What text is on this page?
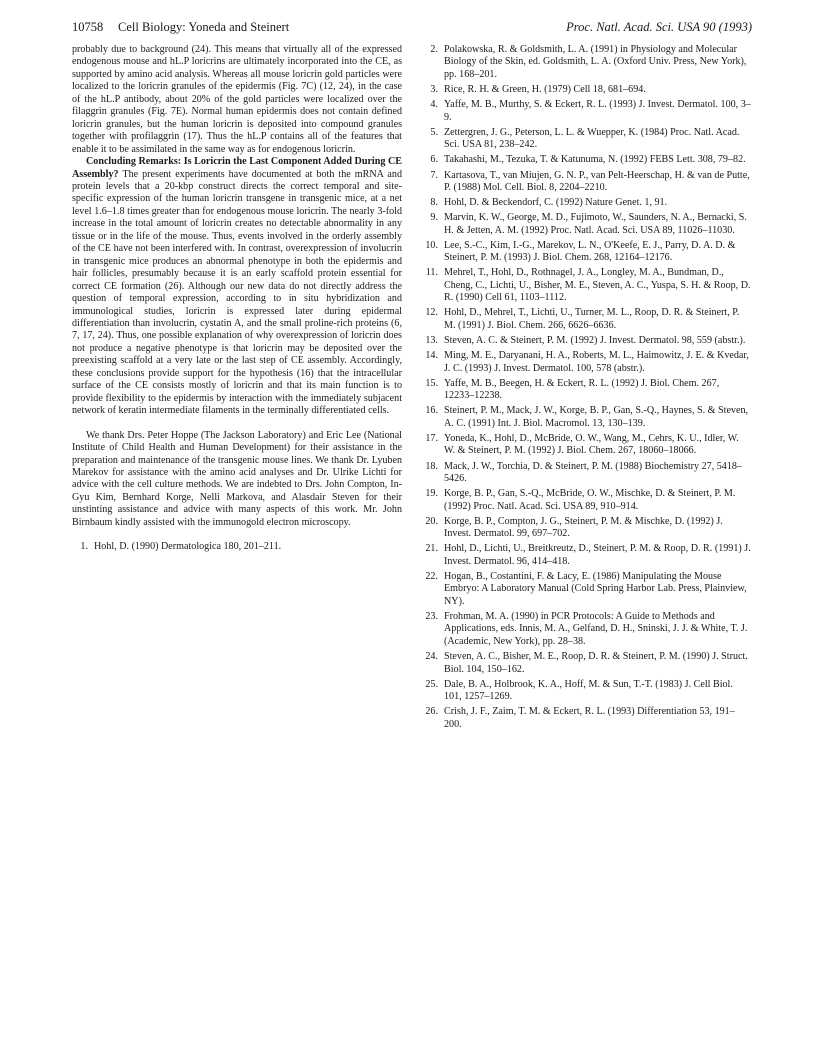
10758 Cell Biology: Yoneda and Steinert	Proc. Natl. Acad. Sci. USA 90 (1993)

probably due to background (24). This means that virtually all of the expressed endogenous mouse and hL.P loricrins are ultimately incorporated into the CE, as supported by amino acid analysis. Whereas all mouse loricrin gold particles were localized to the loricrin granules of the epidermis (Fig. 7C) (12, 24), in the case of the hL.P antibody, about 20% of the gold particles were localized over the filaggrin granules (Fig. 7E). Normal human epidermis does not contain defined loricrin granules, but the human loricrin is deposited into compound granules together with profilaggrin (17). Thus the hL.P contains all of the features that enable it to be assimilated in the same way as for endogenous loricrin.

Concluding Remarks: Is Loricrin the Last Component Added During CE Assembly? The present experiments have documented at both the mRNA and protein levels that a 20-kbp construct directs the correct temporal and site-specific expression of the human loricrin transgene in transgenic mice, at a net level 1.6–1.8 times greater than for endogenous mouse loricrin. The nearly 3-fold increase in the total amount of loricrin creates no detectable abnormality in any tissue or in the life of the mouse. Thus, events involved in the orderly assembly of the CE have not been interfered with. In contrast, overexpression of involucrin in transgenic mice produces an abnormal phenotype in both the epidermis and hair follicles, presumably because it is an early scaffold protein essential for correct CE formation (26). Although our new data do not directly address the question of temporal expression, according to in situ hybridization and immunological studies, loricrin is expressed later during epidermal differentiation than involucrin, cystatin A, and the small proline-rich proteins (6, 7, 17, 24). Thus, one possible explanation of why overexpression of loricrin does not produce a negative phenotype is that loricrin may be deposited over the preexisting scaffold at a very late or the last step of CE assembly. Accordingly, these conclusions provide support for the hypothesis (16) that the intracellular surface of the CE consists mostly of loricrin and that its main function is to provide flexibility to the epidermis by interaction with the immediately subjacent network of keratin intermediate filaments in the terminally differentiated cells.

We thank Drs. Peter Hoppe (The Jackson Laboratory) and Eric Lee (National Institute of Child Health and Human Development) for their assistance in the preparation and maintenance of the transgenic mouse lines. We thank Dr. Lyuben Marekov for assistance with the amino acid analyses and Dr. Ulrike Lichti for advice with the cell culture methods. We are indebted to Drs. John Compton, In-Gyu Kim, Bernhard Korge, Nelli Markova, and Alasdair Steven for their unstinting assistance and advice with many aspects of this work. Mr. John Birnbaum kindly assisted with the immunogold electron microscopy.

1. Hohl, D. (1990) Dermatologica 180, 201–211.
2. Polakowska, R. & Goldsmith, L. A. (1991) in Physiology and Molecular Biology of the Skin, ed. Goldsmith, L. A. (Oxford Univ. Press, New York), pp. 168–201.
3. Rice, R. H. & Green, H. (1979) Cell 18, 681–694.
4. Yaffe, M. B., Murthy, S. & Eckert, R. L. (1993) J. Invest. Dermatol. 100, 3–9.
5. Zettergren, J. G., Peterson, L. L. & Wuepper, K. (1984) Proc. Natl. Acad. Sci. USA 81, 238–242.
6. Takahashi, M., Tezuka, T. & Katunuma, N. (1992) FEBS Lett. 308, 79–82.
7. Kartasova, T., van Miujen, G. N. P., van Pelt-Heerschap, H. & van de Putte, P. (1988) Mol. Cell. Biol. 8, 2204–2210.
8. Hohl, D. & Beckendorf, C. (1992) Nature Genet. 1, 91.
9. Marvin, K. W., George, M. D., Fujimoto, W., Saunders, N. A., Bernacki, S. H. & Jetten, A. M. (1992) Proc. Natl. Acad. Sci. USA 89, 11026–11030.
10. Lee, S.-C., Kim, I.-G., Marekov, L. N., O'Keefe, E. J., Parry, D. A. D. & Steinert, P. M. (1993) J. Biol. Chem. 268, 12164–12176.
11. Mehrel, T., Hohl, D., Rothnagel, J. A., Longley, M. A., Bundman, D., Cheng, C., Lichti, U., Bisher, M. E., Steven, A. C., Yuspa, S. H. & Roop, D. R. (1990) Cell 61, 1103–1112.
12. Hohl, D., Mehrel, T., Lichti, U., Turner, M. L., Roop, D. R. & Steinert, P. M. (1991) J. Biol. Chem. 266, 6626–6636.
13. Steven, A. C. & Steinert, P. M. (1992) J. Invest. Dermatol. 98, 559 (abstr.).
14. Ming, M. E., Daryanani, H. A., Roberts, M. L., Haimowitz, J. E. & Kvedar, J. C. (1993) J. Invest. Dermatol. 100, 578 (abstr.).
15. Yaffe, M. B., Beegen, H. & Eckert, R. L. (1992) J. Biol. Chem. 267, 12233–12238.
16. Steinert, P. M., Mack, J. W., Korge, B. P., Gan, S.-Q., Haynes, S. & Steven, A. C. (1991) Int. J. Biol. Macromol. 13, 130–139.
17. Yoneda, K., Hohl, D., McBride, O. W., Wang, M., Cehrs, K. U., Idler, W. W. & Steinert, P. M. (1992) J. Biol. Chem. 267, 18060–18066.
18. Mack, J. W., Torchia, D. & Steinert, P. M. (1988) Biochemistry 27, 5418–5426.
19. Korge, B. P., Gan, S.-Q., McBride, O. W., Mischke, D. & Steinert, P. M. (1992) Proc. Natl. Acad. Sci. USA 89, 910–914.
20. Korge, B. P., Compton, J. G., Steinert, P. M. & Mischke, D. (1992) J. Invest. Dermatol. 99, 697–702.
21. Hohl, D., Lichti, U., Breitkreutz, D., Steinert, P. M. & Roop, D. R. (1991) J. Invest. Dermatol. 96, 414–418.
22. Hogan, B., Costantini, F. & Lacy, E. (1986) Manipulating the Mouse Embryo: A Laboratory Manual (Cold Spring Harbor Lab. Press, Plainview, NY).
23. Frohman, M. A. (1990) in PCR Protocols: A Guide to Methods and Applications, eds. Innis, M. A., Gelfand, D. H., Sninski, J. J. & White, T. J. (Academic, New York), pp. 28–38.
24. Steven, A. C., Bisher, M. E., Roop, D. R. & Steinert, P. M. (1990) J. Struct. Biol. 104, 150–162.
25. Dale, B. A., Holbrook, K. A., Hoff, M. & Sun, T.-T. (1983) J. Cell Biol. 101, 1257–1269.
26. Crish, J. F., Zaim, T. M. & Eckert, R. L. (1993) Differentiation 53, 191–200.
